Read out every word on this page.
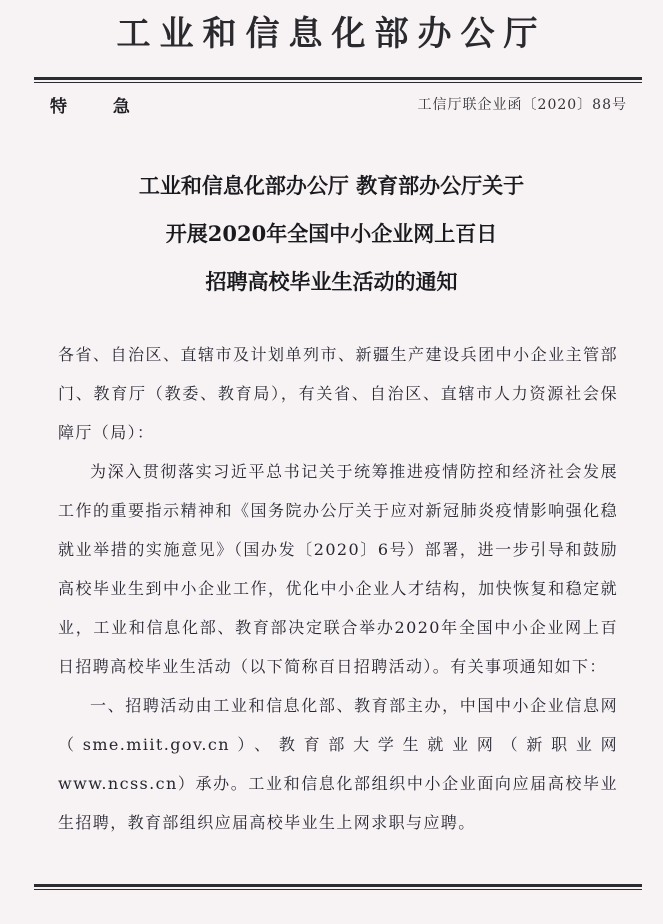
工业和信息化部办公厅
特 急	工信厅联企业函〔2020〕88号
工业和信息化部办公厅 教育部办公厅关于
开展2020年全国中小企业网上百日
招聘高校毕业生活动的通知

各省、自治区、直辖市及计划单列市、新疆生产建设兵团中小企业主管部门、教育厅（教委、教育局），有关省、自治区、直辖市人力资源社会保障厅（局）：

为深入贯彻落实习近平总书记关于统筹推进疫情防控和经济社会发展工作的重要指示精神和《国务院办公厅关于应对新冠肺炎疫情影响强化稳就业举措的实施意见》（国办发〔2020〕6号）部署，进一步引导和鼓励高校毕业生到中小企业工作，优化中小企业人才结构，加快恢复和稳定就业，工业和信息化部、教育部决定联合举办2020年全国中小企业网上百日招聘高校毕业生活动（以下简称百日招聘活动）。有关事项通知如下：

一、招聘活动由工业和信息化部、教育部主办，中国中小企业信息网（sme.miit.gov.cn）、教育部大学生就业网（新职业网www.ncss.cn）承办。工业和信息化部组织中小企业面向应届高校毕业生招聘，教育部组织应届高校毕业生上网求职与应聘。
